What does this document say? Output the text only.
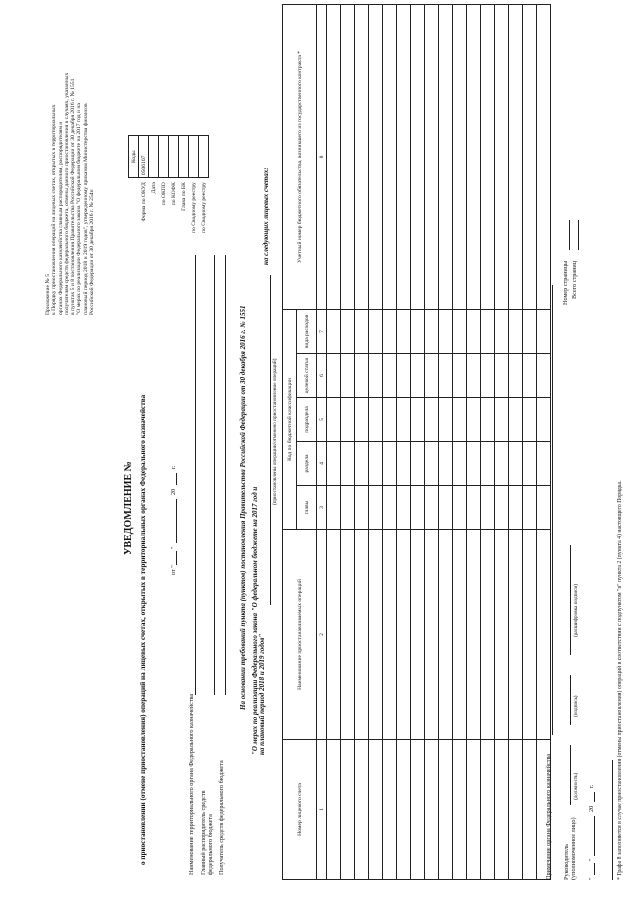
Приложение № 5 к Порядку приостановления операций на лицевых счетах, открытых в территориальных органах Федерального казначейства главным распорядителям, распорядителям и получателям средств федерального бюджета, отмены данного приостановления в случаях, указанных в пунктах 5 и 8 постановления Правительства Российской Федерации от 30 декабря 2016 г. № 1551 "О мерах по реализации Федерального закона "О федеральном бюджете на 2017 год и на плановый период 2018 и 2019 годов", утвержденному приказом Министерства финансов Российской Федерации от 30 декабря 2016 г. № 254н
УВЕДОМЛЕНИЕ № о приостановлении (отмене приостановления) операций на лицевых счетах, открытых в территориальных органах Федерального казначейства	от "
"
20
г.
	Коды
Форма по ОКУД	0506107
Дата	
по ОКПО	
по КОФК	
Глава по БК	
по Сводному реестру	
по Сводному реестру	
Наименование территориального органа Федерального казначейства Главный распорядитель средств федерального бюджета Получатель средств федерального бюджета
На основании требований пункта (пунктов) постановления Правительства Российской Федерации от 30 декабря 2016 г. № 1551 "О мерах по реализации Федерального закона "О федеральном бюджете на 2017 год и на плановый период 2018 и 2019 годов"
(приостановлены операции/отменено приостановление операций)
на следующих лицевых счетах:
Номер лицевого счета	Наименование приостанавливаемых операций	Код по бюджетной классификации					Учетный номер бюджетного обязательства, возникшего из государственного контракта *
		главы	раздела	подраздела	целевой статьи	вида расходов	
1	2	3	4	5	6	7	8

Примечание органа Федерального казначейства Руководитель (уполномоченное лицо)
(должность)
(подпись)
(расшифровка подписи)
"
"
20
г.
Номер страницы Всего страниц
* Графа 8 заполняется в случае приостановления (отмены приостановления) операций в соответствии с подпунктом "в" пункта 2 (пункта 4) настоящего Порядка.
